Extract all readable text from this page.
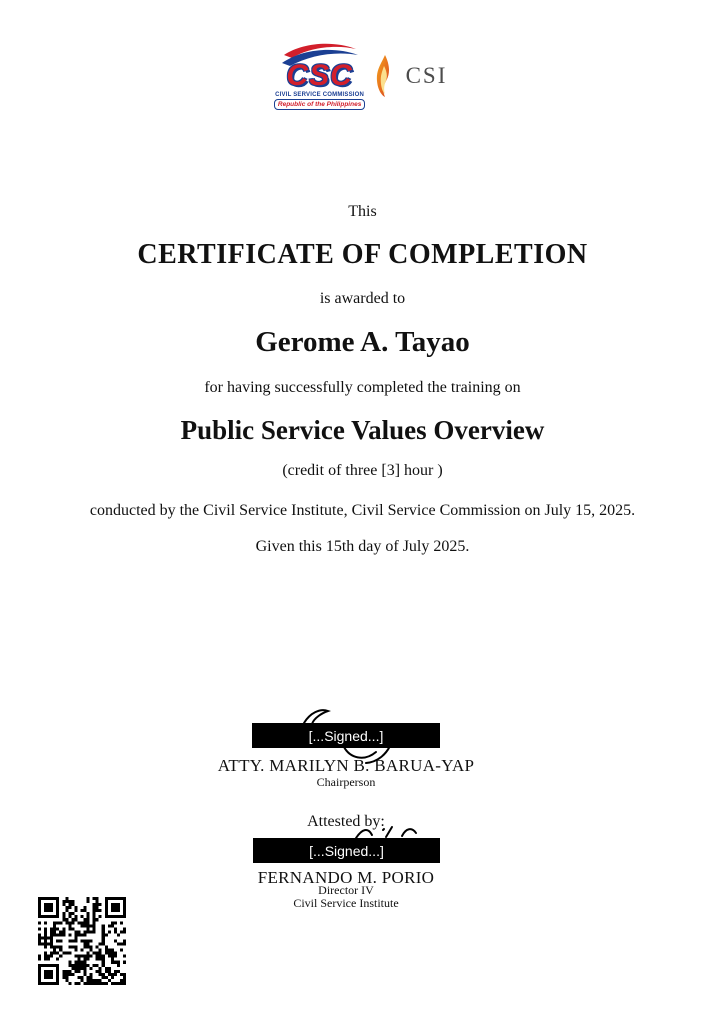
CSC
CIVIL SERVICE COMMISSION
Republic of the Philippines
CSI
This
CERTIFICATE OF COMPLETION
is awarded to
Gerome A. Tayao
for having successfully completed the training on
Public Service Values Overview
(credit of three [3] hour )
conducted by the Civil Service Institute, Civil Service Commission on July 15, 2025.
Given this 15th day of July 2025.
[...Signed...]
ATTY. MARILYN B. BARUA-YAP
Chairperson
Attested by:
[...Signed...]
FERNANDO M. PORIO
Director IV
Civil Service Institute
